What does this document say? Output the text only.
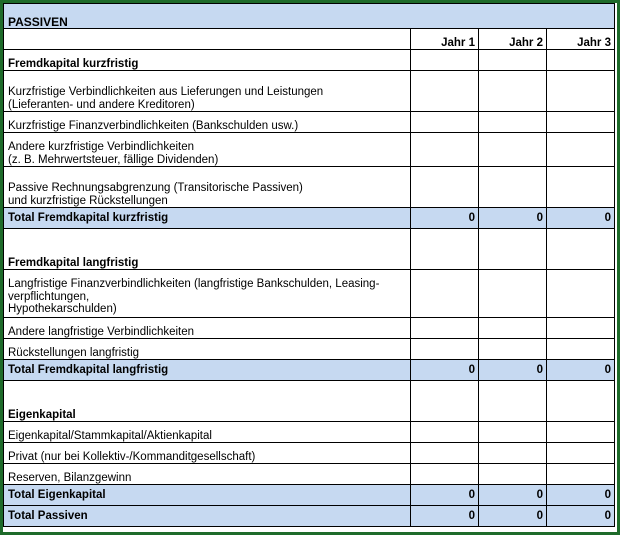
PASSIVEN			
	Jahr 1	Jahr 2	Jahr 3
Fremdkapital kurzfristig			

Kurzfristige Verbindlichkeiten aus Lieferungen und Leistungen
(Lieferanten- und andere Kreditoren)			

Kurzfristige Finanzverbindlichkeiten (Bankschulden usw.)			

Andere kurzfristige Verbindlichkeiten
(z. B. Mehrwertsteuer, fällige Dividenden)			

Passive Rechnungsabgrenzung (Transitorische Passiven)
und kurzfristige Rückstellungen			

Total Fremdkapital kurzfristig	0	0	0
Fremdkapital langfristig			

Langfristige Finanzverbindlichkeiten (langfristige Bankschulden, Leasing-
verpflichtungen,
Hypothekarschulden)			

Andere langfristige Verbindlichkeiten			

Rückstellungen langfristig			

Total Fremdkapital langfristig	0	0	0
Eigenkapital			

Eigenkapital/Stammkapital/Aktienkapital			

Privat (nur bei Kollektiv-/Kommanditgesellschaft)			

Reserven, Bilanzgewinn			

Total Eigenkapital	0	0	0
Total Passiven	0	0	0
